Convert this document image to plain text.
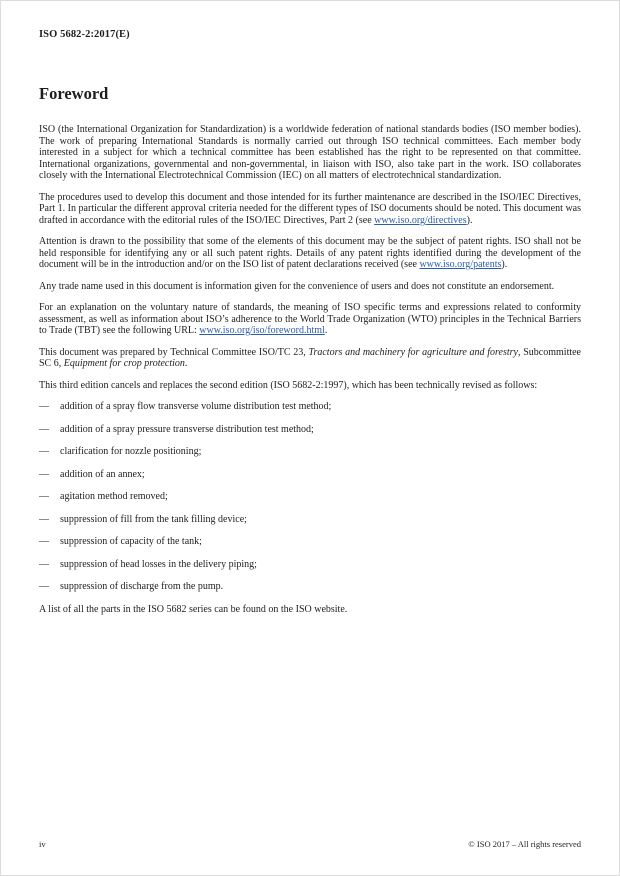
ISO 5682-2:2017(E)
Foreword

ISO (the International Organization for Standardization) is a worldwide federation of national standards bodies (ISO member bodies). The work of preparing International Standards is normally carried out through ISO technical committees. Each member body interested in a subject for which a technical committee has been established has the right to be represented on that committee. International organizations, governmental and non-governmental, in liaison with ISO, also take part in the work. ISO collaborates closely with the International Electrotechnical Commission (IEC) on all matters of electrotechnical standardization.

The procedures used to develop this document and those intended for its further maintenance are described in the ISO/IEC Directives, Part 1. In particular the different approval criteria needed for the different types of ISO documents should be noted. This document was drafted in accordance with the editorial rules of the ISO/IEC Directives, Part 2 (see www.iso.org/directives).

Attention is drawn to the possibility that some of the elements of this document may be the subject of patent rights. ISO shall not be held responsible for identifying any or all such patent rights. Details of any patent rights identified during the development of the document will be in the introduction and/or on the ISO list of patent declarations received (see www.iso.org/patents).

Any trade name used in this document is information given for the convenience of users and does not constitute an endorsement.

For an explanation on the voluntary nature of standards, the meaning of ISO specific terms and expressions related to conformity assessment, as well as information about ISO’s adherence to the World Trade Organization (WTO) principles in the Technical Barriers to Trade (TBT) see the following URL: www.iso.org/iso/foreword.html.

This document was prepared by Technical Committee ISO/TC 23, Tractors and machinery for agriculture and forestry, Subcommittee SC 6, Equipment for crop protection.

This third edition cancels and replaces the second edition (ISO 5682-2:1997), which has been technically revised as follows:

—	addition of a spray flow transverse volume distribution test method;
—	addition of a spray pressure transverse distribution test method;
—	clarification for nozzle positioning;
—	addition of an annex;
—	agitation method removed;
—	suppression of fill from the tank filling device;
—	suppression of capacity of the tank;
—	suppression of head losses in the delivery piping;
—	suppression of discharge from the pump.

A list of all the parts in the ISO 5682 series can be found on the ISO website.

iv	© ISO 2017 – All rights reserved
